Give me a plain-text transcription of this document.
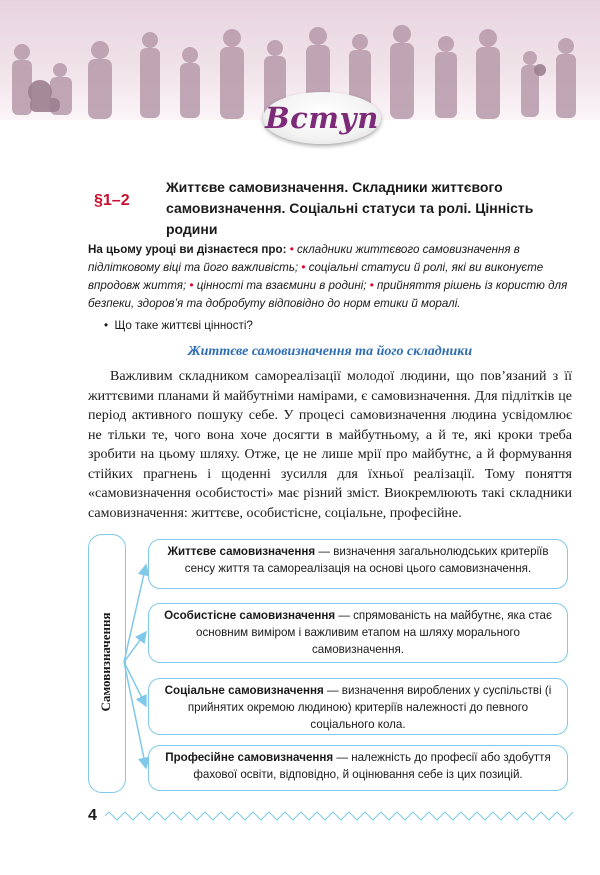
Вступ
§1–2
Життєве самовизначення. Складники життєвого самовизначення. Соціальні статуси та ролі. Цінність родини
На цьому уроці ви дізнаєтеся про: • складники життєвого самовизначення в підлітковому віці та його важливість; • соціальні статуси й ролі, які ви виконуєте впродовж життя; • цінності та взаємини в родині; • прийняття рішень із користю для безпеки, здоров’я та добробуту відповідно до норм етики й моралі.
• Що таке життєві цінності?
Життєве самовизначення та його складники
Важливим складником самореалізації молодої людини, що пов’язаний з її життєвими планами й майбутніми намірами, є самовизначення. Для підлітків це період активного пошуку себе. У процесі самовизначення людина усвідомлює не тільки те, чого вона хоче досягти в майбутньому, а й те, які кроки треба зробити на цьому шляху. Отже, це не лише мрії про майбутнє, а й формування стійких прагнень і щоденні зусилля для їхньої реалізації. Тому поняття «самовизначення особистості» має різний зміст. Виокремлюють такі складники самовизначення: життєве, особистісне, соціальне, професійне.
Самовизначення
Життєве самовизначення — визначення загальнолюдських критеріїв сенсу життя та самореалізація на основі цього самовизначення.
Особистісне самовизначення — спрямованість на майбутнє, яка стає основним виміром і важливим етапом на шляху морального самовизначення.
Соціальне самовизначення — визначення вироблених у суспільстві (і прийнятих окремою людиною) критеріїв належності до певного соціального кола.
Професійне самовизначення — належність до професії або здобуття фахової освіти, відповідно, й оцінювання себе із цих позицій.
4
